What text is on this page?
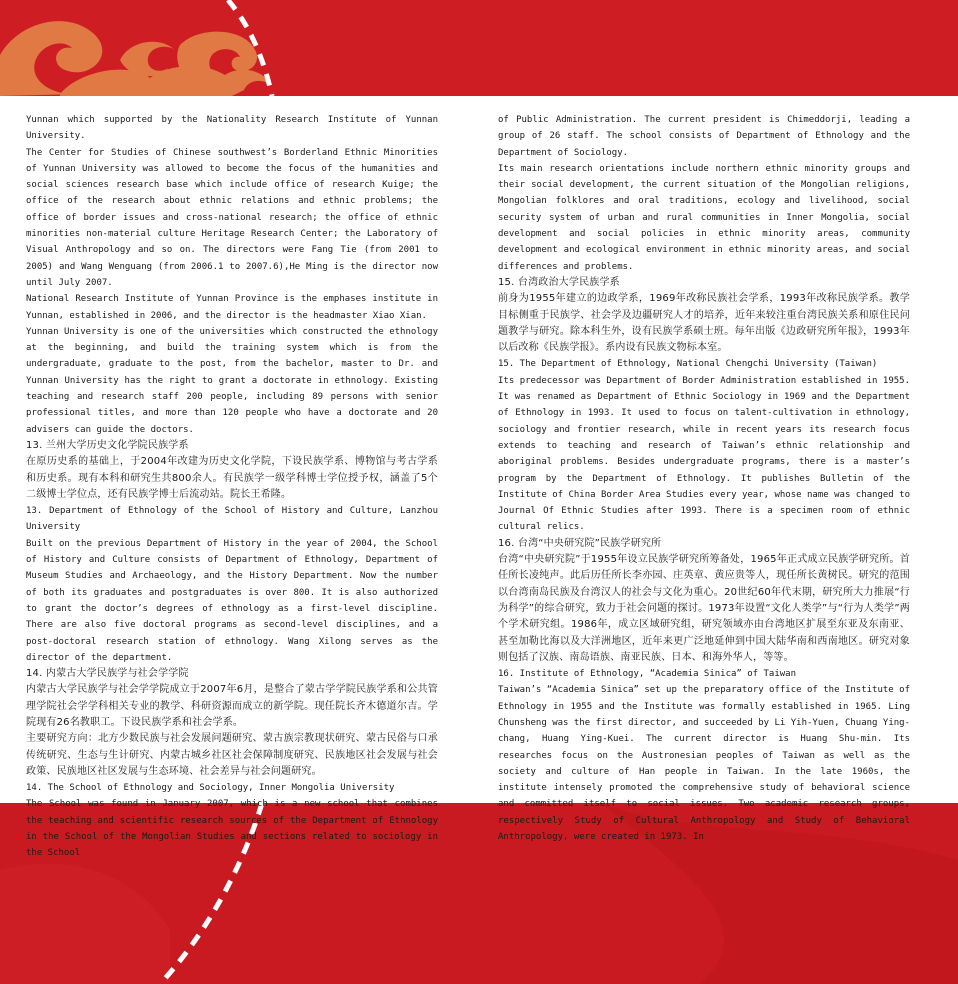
Yunnan which supported by the Nationality Research Institute of Yunnan University.

The Center for Studies of Chinese southwest’s Borderland Ethnic Minorities of Yunnan University was allowed to become the focus of the humanities and social sciences research base which include office of research Kuige; the office of the research about ethnic relations and ethnic problems; the office of border issues and cross-national research; the office of ethnic minorities non-material culture Heritage Research Center; the Laboratory of Visual Anthropology and so on. The directors were Fang Tie (from 2001 to 2005) and Wang Wenguang (from 2006.1 to 2007.6),He Ming is the director now until July 2007.

National Research Institute of Yunnan Province is the emphases institute in Yunnan, established in 2006, and the director is the headmaster Xiao Xian.

Yunnan University is one of the universities which constructed the ethnology at the beginning, and build the training system which is from the undergraduate, graduate to the post, from the bachelor, master to Dr. and Yunnan University has the right to grant a doctorate in ethnology. Existing teaching and research staff 200 people, including 89 persons with senior professional titles, and more than 120 people who have a doctorate and 20 advisers can guide the doctors.

13. 兰州大学历史文化学院民族学系

在原历史系的基础上，于2004年改建为历史文化学院，下设民族学系、博物馆与考古学系和历史系。现有本科和研究生共800余人。有民族学一级学科博士学位授予权，涵盖了5个二级博士学位点，还有民族学博士后流动站。院长王希隆。

13. Department of Ethnology of the School of History and Culture, Lanzhou University

Built on the previous Department of History in the year of 2004, the School of History and Culture consists of Department of Ethnology, Department of Museum Studies and Archaeology, and the History Department. Now the number of both its graduates and postgraduates is over 800. It is also authorized to grant the doctor’s degrees of ethnology as a first-level discipline. There are also five doctoral programs as second-level disciplines, and a post-doctoral research station of ethnology. Wang Xilong serves as the director of the department.

14. 内蒙古大学民族学与社会学学院

内蒙古大学民族学与社会学学院成立于2007年6月，是整合了蒙古学学院民族学系和公共管理学院社会学学科相关专业的教学、科研资源而成立的新学院。现任院长齐木德道尔吉。学院现有26名教职工。下设民族学系和社会学系。

主要研究方向：北方少数民族与社会发展问题研究、蒙古族宗教现状研究、蒙古民俗与口承传统研究、生态与生计研究、内蒙古城乡社区社会保障制度研究、民族地区社会发展与社会政策、民族地区社区发展与生态环境、社会差异与社会问题研究。

14. The School of Ethnology and Sociology, Inner Mongolia University

The School was found in January 2007, which is a new school that combines the teaching and scientific research sources of the Department of Ethnology in the School of the Mongolian Studies and sections related to sociology in the School

of Public Administration. The current president is Chimeddorji, leading a group of 26 staff. The school consists of Department of Ethnology and the Department of Sociology.

Its main research orientations include northern ethnic minority groups and their social development, the current situation of the Mongolian religions, Mongolian folklores and oral traditions, ecology and livelihood, social security system of urban and rural communities in Inner Mongolia, social development and social policies in ethnic minority areas, community development and ecological environment in ethnic minority areas, and social differences and problems.

15. 台湾政治大学民族学系

前身为1955年建立的边政学系，1969年改称民族社会学系，1993年改称民族学系。教学目标侧重于民族学、社会学及边疆研究人才的培养，近年来较注重台湾民族关系和原住民问题教学与研究。除本科生外，设有民族学系硕士班。每年出版《边政研究所年报》，1993年以后改称《民族学报》。系内设有民族文物标本室。

15. The Department of Ethnology, National Chengchi University (Taiwan)

Its predecessor was Department of Border Administration established in 1955. It was renamed as Department of Ethnic Sociology in 1969 and the Department of Ethnology in 1993. It used to focus on talent-cultivation in ethnology, sociology and frontier research, while in recent years its research focus extends to teaching and research of Taiwan’s ethnic relationship and aboriginal problems. Besides undergraduate programs, there is a master’s program by the Department of Ethnology. It publishes Bulletin of the Institute of China Border Area Studies every year, whose name was changed to Journal Of Ethnic Studies after 1993. There is a specimen room of ethnic cultural relics.

16. 台湾“中央研究院”民族学研究所

台湾“中央研究院”于1955年设立民族学研究所筹备处，1965年正式成立民族学研究所。首任所长凌纯声。此后历任所长李亦园、庄英章、黄应贵等人，现任所长黄树民。研究的范围以台湾南岛民族及台湾汉人的社会与文化为重心。20世纪60年代末期，研究所大力推展“行为科学”的综合研究，致力于社会问题的探讨。1973年设置“文化人类学”与“行为人类学”两个学术研究组。1986年，成立区域研究组，研究领域亦由台湾地区扩展至东亚及东南亚、甚至加勒比海以及大洋洲地区，近年来更广泛地延伸到中国大陆华南和西南地区。研究对象则包括了汉族、南岛语族、南亚民族、日本、和海外华人，等等。

16. Institute of Ethnology, “Academia Sinica” of Taiwan

Taiwan’s “Academia Sinica” set up the preparatory office of the Institute of Ethnology in 1955 and the Institute was formally established in 1965. Ling Chunsheng was the first director, and succeeded by Li Yih-Yuen, Chuang Ying-chang, Huang Ying-Kuei. The current director is Huang Shu-min. Its researches focus on the Austronesian peoples of Taiwan as well as the society and culture of Han people in Taiwan. In the late 1960s, the institute intensely promoted the comprehensive study of behavioral science and committed itself to social issues. Two academic research groups, respectively Study of Cultural Anthropology and Study of Behavioral Anthropology, were created in 1973. In
